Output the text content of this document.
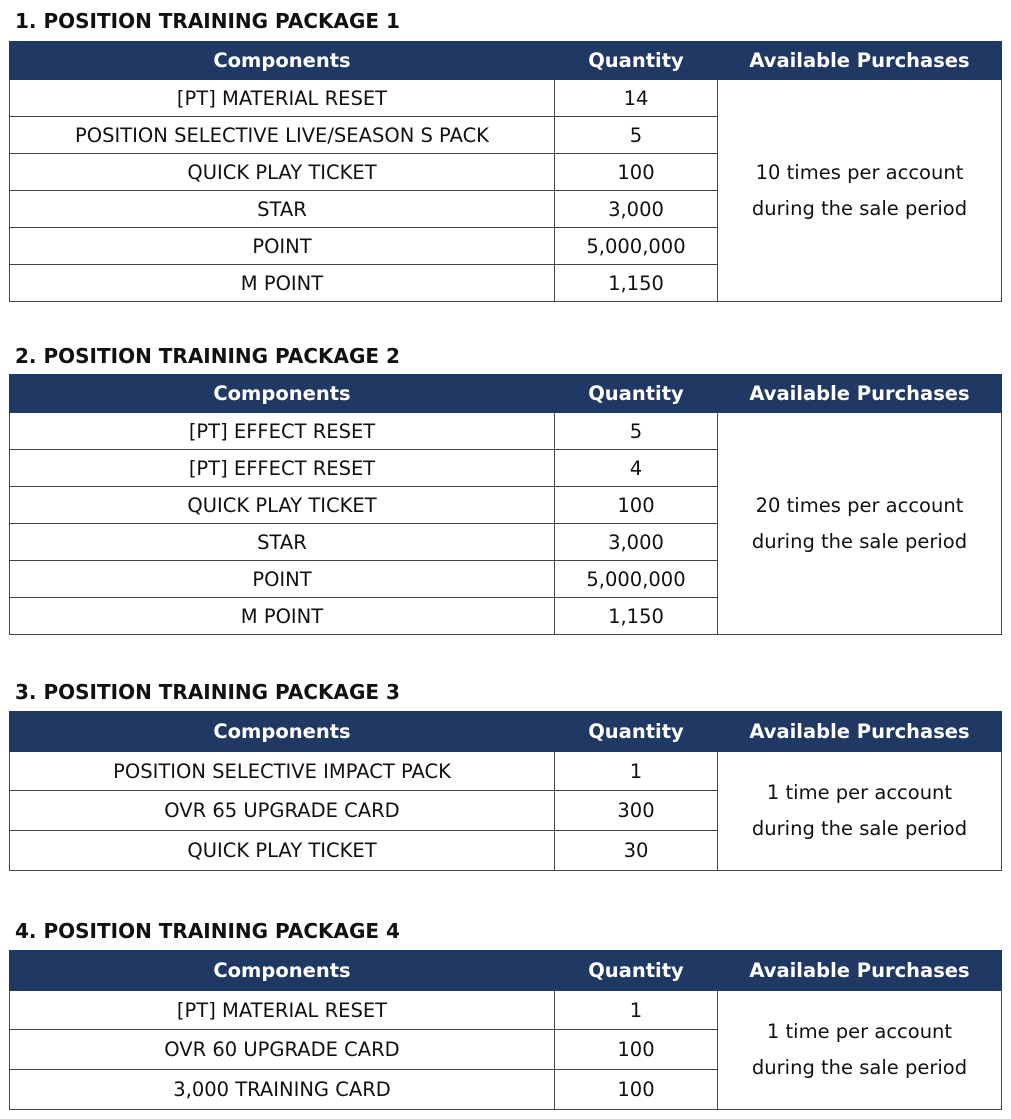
1. POSITION TRAINING PACKAGE 1
Components	Quantity	Available Purchases
[PT] MATERIAL RESET	14	10 times per account
during the sale period
POSITION SELECTIVE LIVE/SEASON S PACK	5	
QUICK PLAY TICKET	100	
STAR	3,000	
POINT	5,000,000	
M POINT	1,150	
2. POSITION TRAINING PACKAGE 2
Components	Quantity	Available Purchases
[PT] EFFECT RESET	5	20 times per account
during the sale period
[PT] EFFECT RESET	4	
QUICK PLAY TICKET	100	
STAR	3,000	
POINT	5,000,000	
M POINT	1,150	
3. POSITION TRAINING PACKAGE 3
Components	Quantity	Available Purchases
POSITION SELECTIVE IMPACT PACK	1	1 time per account
during the sale period
OVR 65 UPGRADE CARD	300	
QUICK PLAY TICKET	30	
4. POSITION TRAINING PACKAGE 4
Components	Quantity	Available Purchases
[PT] MATERIAL RESET	1	1 time per account
during the sale period
OVR 60 UPGRADE CARD	100	
3,000 TRAINING CARD	100	
